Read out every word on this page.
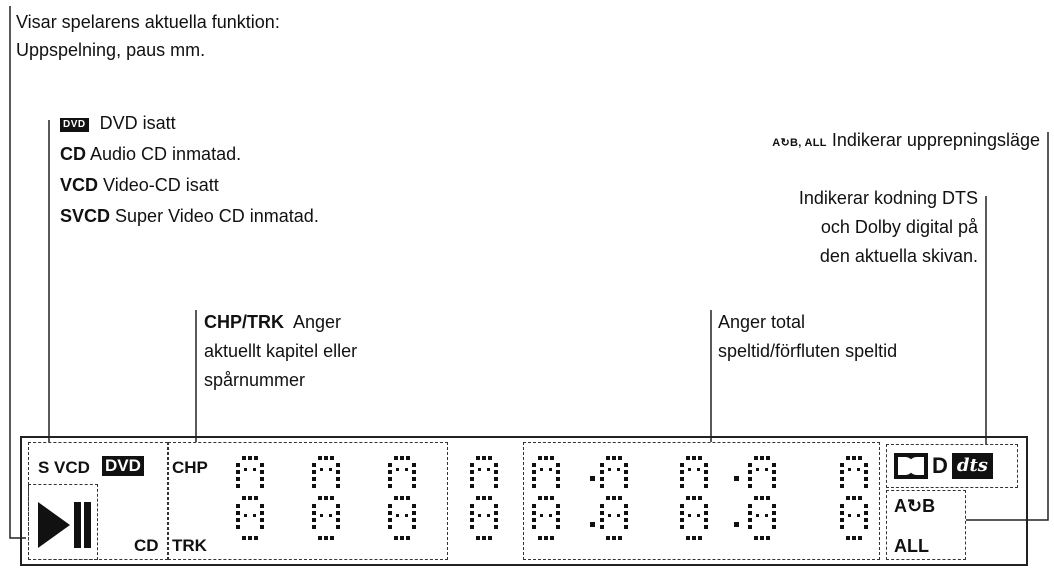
Visar spelarens aktuella funktion:
Uppspelning, paus mm.
DVD DVD isatt
CD Audio CD inmatad.
VCD Video-CD isatt
SVCD Super Video CD inmatad.
A↻B, ALL Indikerar upprepningsläge
Indikerar kodning DTS
och Dolby digital på
den aktuella skivan.
CHP/TRK Anger
aktuellt kapitel eller
spårnummer
Anger total
speltid/förfluten speltid
S VCD DVD
CD
CHP
TRK
D dts
A↻B
ALL
